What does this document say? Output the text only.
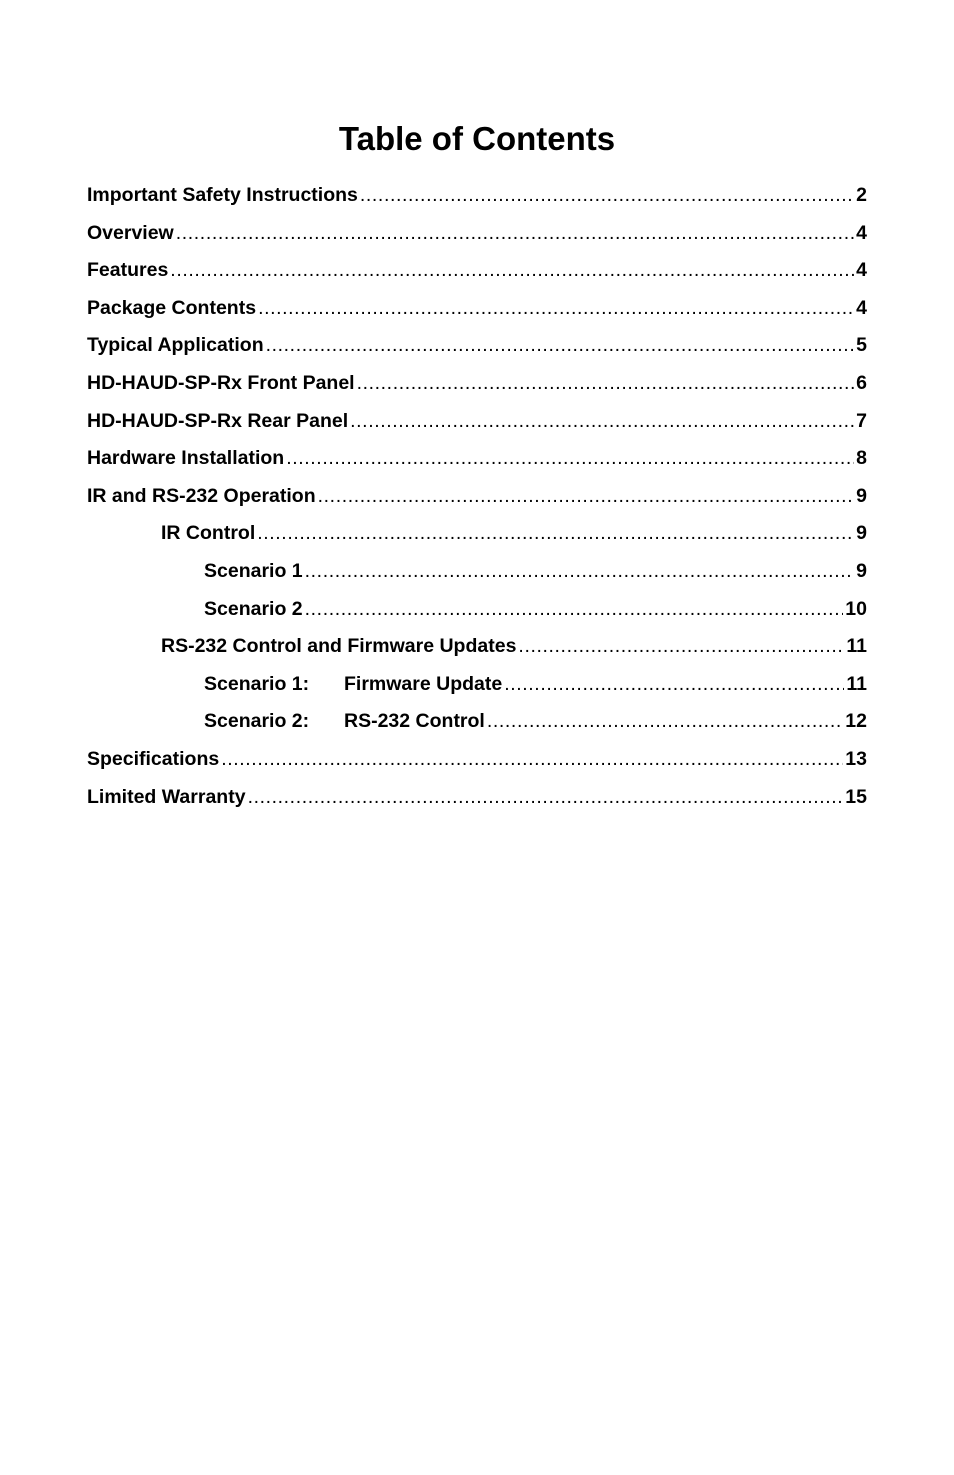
Table of Contents
Important Safety Instructions .....	2
Overview .....	4
Features .....	4
Package Contents .....	4
Typical Application .....	5
HD-HAUD-SP-Rx Front Panel .....	6
HD-HAUD-SP-Rx Rear Panel .....	7
Hardware Installation .....	8
IR and RS-232 Operation .....	9
IR Control .....	9
Scenario 1 .....	9
Scenario 2 .....	10
RS-232 Control and Firmware Updates .....	11
Scenario 1: Firmware Update .....	11
Scenario 2: RS-232 Control .....	12
Specifications .....	13
Limited Warranty .....	15
